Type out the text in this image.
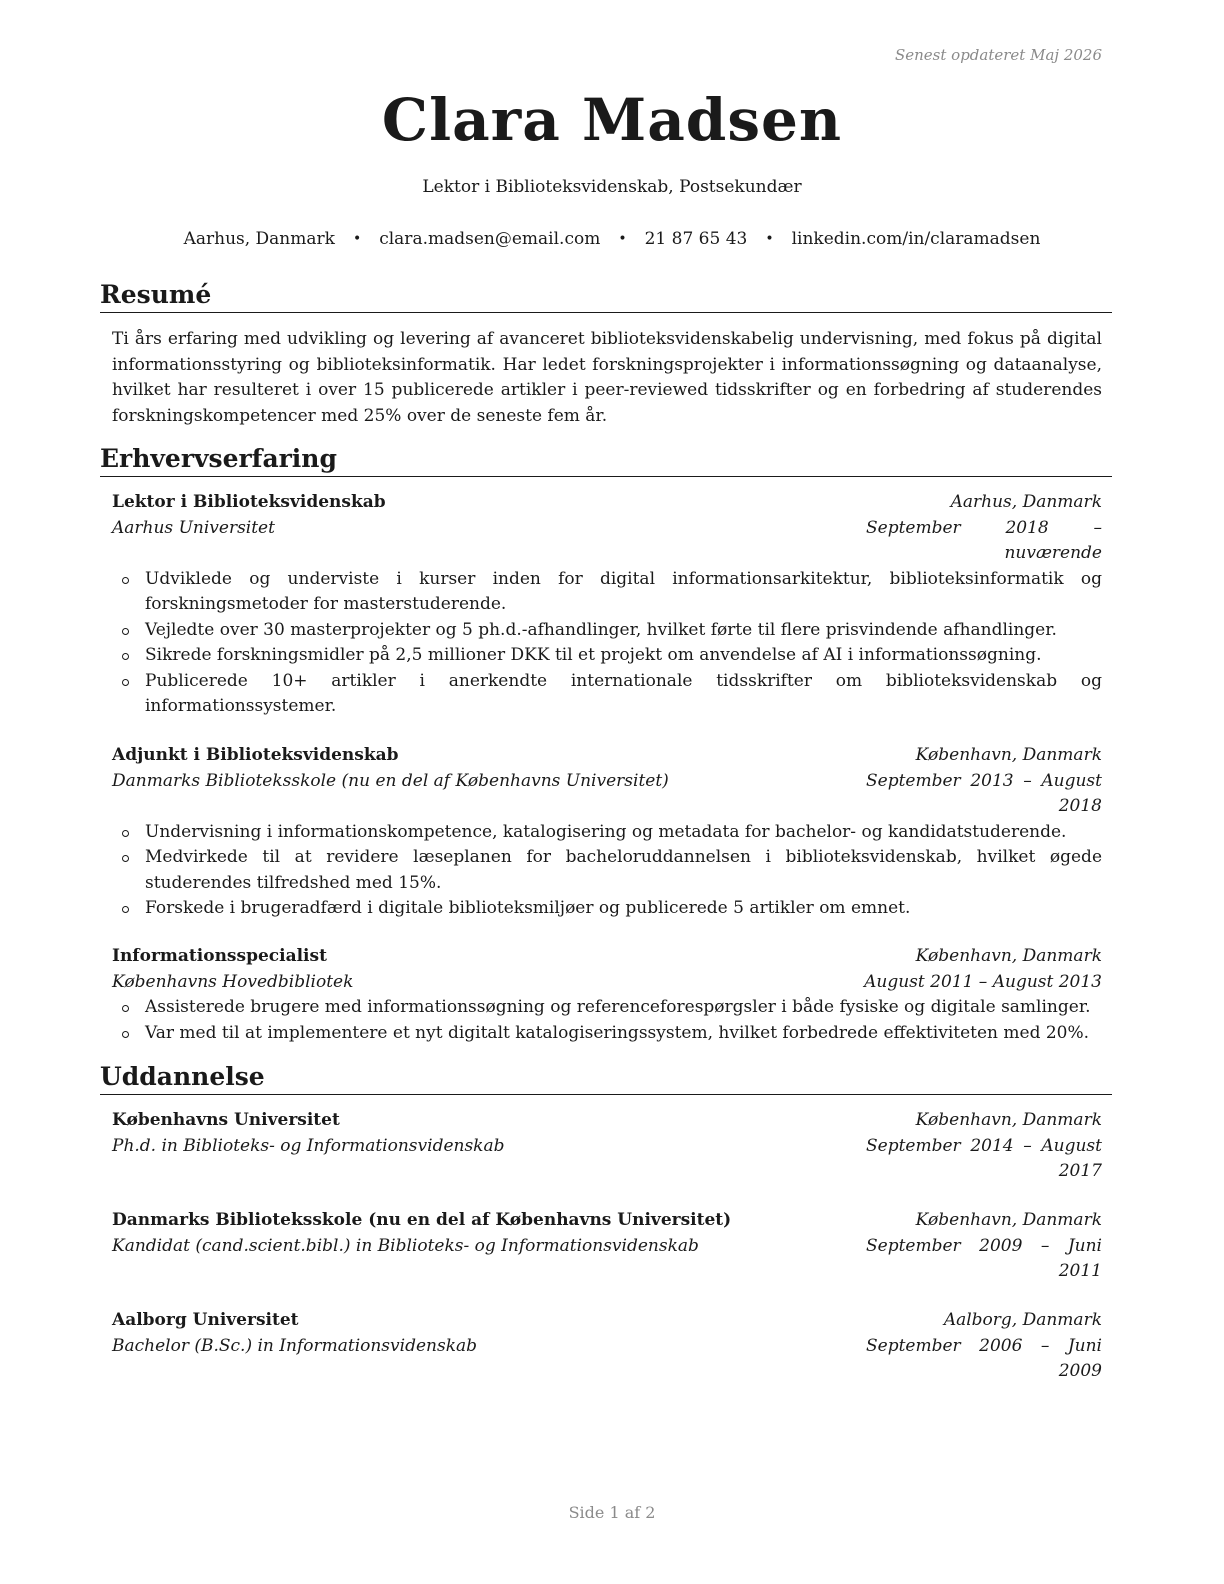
Senest opdateret Maj 2026
Clara Madsen
Lektor i Biblioteksvidenskab, Postsekundær
Aarhus, Danmark • clara.madsen@email.com • 21 87 65 43 • linkedin.com/in/claramadsen
Resumé

Ti års erfaring med udvikling og levering af avanceret biblioteksvidenskabelig undervisning, med fokus på digital informationsstyring og biblioteksinformatik. Har ledet forskningsprojekter i informationssøgning og dataanalyse, hvilket har resulteret i over 15 publicerede artikler i peer-reviewed tidsskrifter og en forbedring af studerendes forskningskompetencer med 25% over de seneste fem år.

Erhvervserfaring
Lektor i Biblioteksvidenskab	Aarhus, Danmark
Aarhus Universitet	September 2018 – nuværende
Udviklede og underviste i kurser inden for digital informationsarkitektur, biblioteksinformatik og forskningsmetoder for masterstuderende.
Vejledte over 30 masterprojekter og 5 ph.d.-afhandlinger, hvilket førte til flere prisvindende afhandlinger.
Sikrede forskningsmidler på 2,5 millioner DKK til et projekt om anvendelse af AI i informationssøgning.
Publicerede 10+ artikler i anerkendte internationale tidsskrifter om biblioteksvidenskab og informationssystemer.
Adjunkt i Biblioteksvidenskab	København, Danmark
Danmarks Biblioteksskole (nu en del af Københavns Universitet)	September 2013 – August 2018
Undervisning i informationskompetence, katalogisering og metadata for bachelor- og kandidatstuderende.
Medvirkede til at revidere læseplanen for bacheloruddannelsen i biblioteksvidenskab, hvilket øgede studerendes tilfredshed med 15%.
Forskede i brugeradfærd i digitale biblioteksmiljøer og publicerede 5 artikler om emnet.
Informationsspecialist	København, Danmark
Københavns Hovedbibliotek	August 2011 – August 2013
Assisterede brugere med informationssøgning og referenceforespørgsler i både fysiske og digitale samlinger.
Var med til at implementere et nyt digitalt katalogiseringssystem, hvilket forbedrede effektiviteten med 20%.
Uddannelse
Københavns Universitet	København, Danmark
Ph.d. in Biblioteks- og Informationsvidenskab	September 2014 – August 2017
Danmarks Biblioteksskole (nu en del af Københavns Universitet)	København, Danmark
Kandidat (cand.scient.bibl.) in Biblioteks- og Informationsvidenskab	September 2009 – Juni 2011
Aalborg Universitet	Aalborg, Danmark
Bachelor (B.Sc.) in Informationsvidenskab	September 2006 – Juni 2009
Side 1 af 2
